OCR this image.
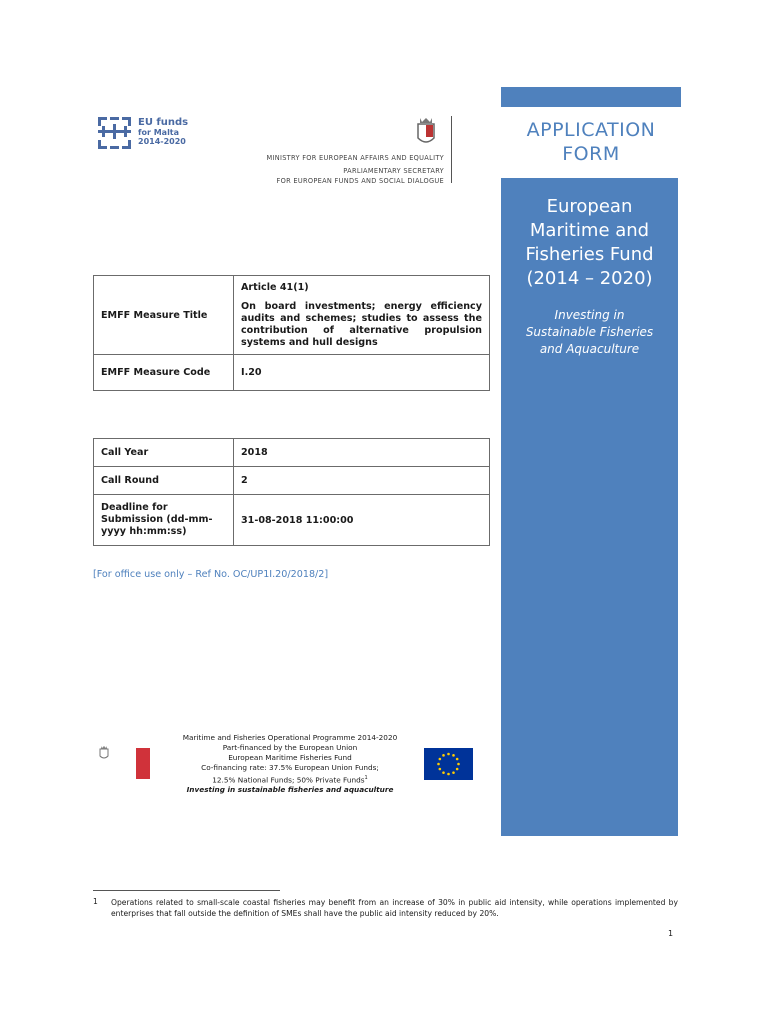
EU funds
for Malta
2014-2020
MINISTRY FOR EUROPEAN AFFAIRS AND EQUALITY
PARLIAMENTARY SECRETARY
FOR EUROPEAN FUNDS AND SOCIAL DIALOGUE
APPLICATION
FORM
European
Maritime and
Fisheries Fund
(2014 – 2020)
Investing in
Sustainable Fisheries
and Aquaculture
EMFF Measure Title	Article 41(1)
On board investments; energy efficiency audits and schemes; studies to assess the contribution of alternative propulsion systems and hull designs

EMFF Measure Code	I.20
Call Year	2018
Call Round	2
Deadline for Submission (dd-mm-yyyy hh:mm:ss)	31-08-2018 11:00:00
[For office use only – Ref No. OC/UP1I.20/2018/2]
Maritime and Fisheries Operational Programme 2014-2020
Part-financed by the European Union
European Maritime Fisheries Fund
Co-financing rate: 37.5% European Union Funds;
12.5% National Funds; 50% Private Funds$^1$
Investing in sustainable fisheries and aquaculture
1 Operations related to small-scale coastal fisheries may benefit from an increase of 30% in public aid intensity, while operations implemented by enterprises that fall outside the definition of SMEs shall have the public aid intensity reduced by 20%.
1
